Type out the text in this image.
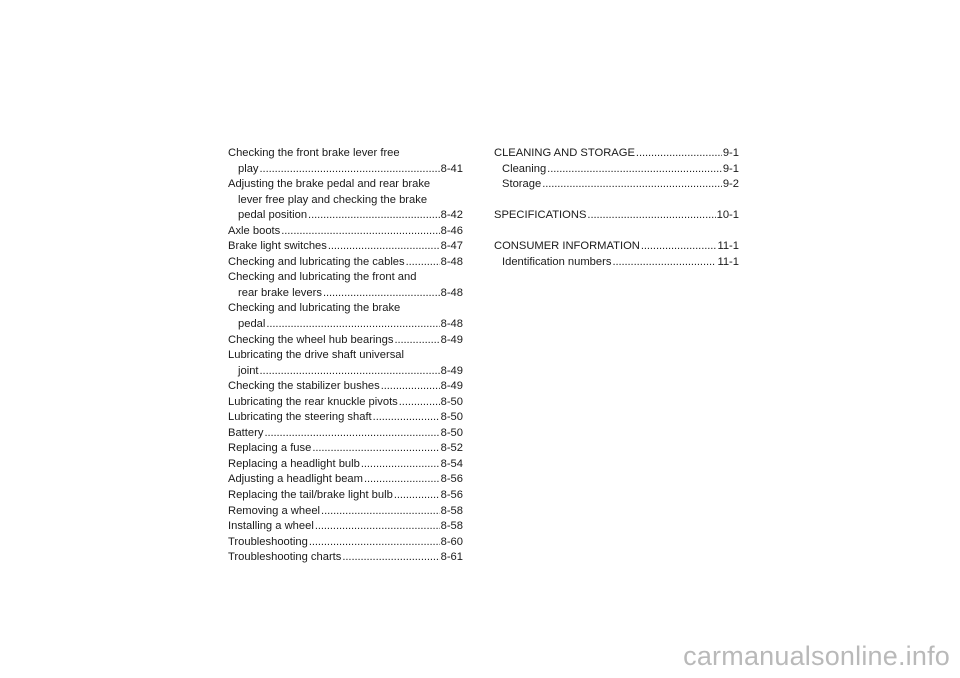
Checking the front brake lever free
play . . .	8-41
Adjusting the brake pedal and rear brake
lever free play and checking the brake
pedal position . . .	8-42
Axle boots . . .	8-46
Brake light switches . . .	8-47
Checking and lubricating the cables . . .	8-48
Checking and lubricating the front and
rear brake levers . . .	8-48
Checking and lubricating the brake
pedal . . .	8-48
Checking the wheel hub bearings . . .	8-49
Lubricating the drive shaft universal
joint . . .	8-49
Checking the stabilizer bushes . . .	8-49
Lubricating the rear knuckle pivots . . .	8-50
Lubricating the steering shaft . . .	8-50
Battery . . .	8-50
Replacing a fuse . . .	8-52
Replacing a headlight bulb . . .	8-54
Adjusting a headlight beam . . .	8-56
Replacing the tail/brake light bulb . . .	8-56
Removing a wheel . . .	8-58
Installing a wheel . . .	8-58
Troubleshooting . . .	8-60
Troubleshooting charts . . .	8-61
CLEANING AND STORAGE . . .	9-1
Cleaning . . .	9-1
Storage . . .	9-2
SPECIFICATIONS . . .	10-1
CONSUMER INFORMATION . . .	11-1
Identification numbers . . .	11-1
carmanualsonline.info
